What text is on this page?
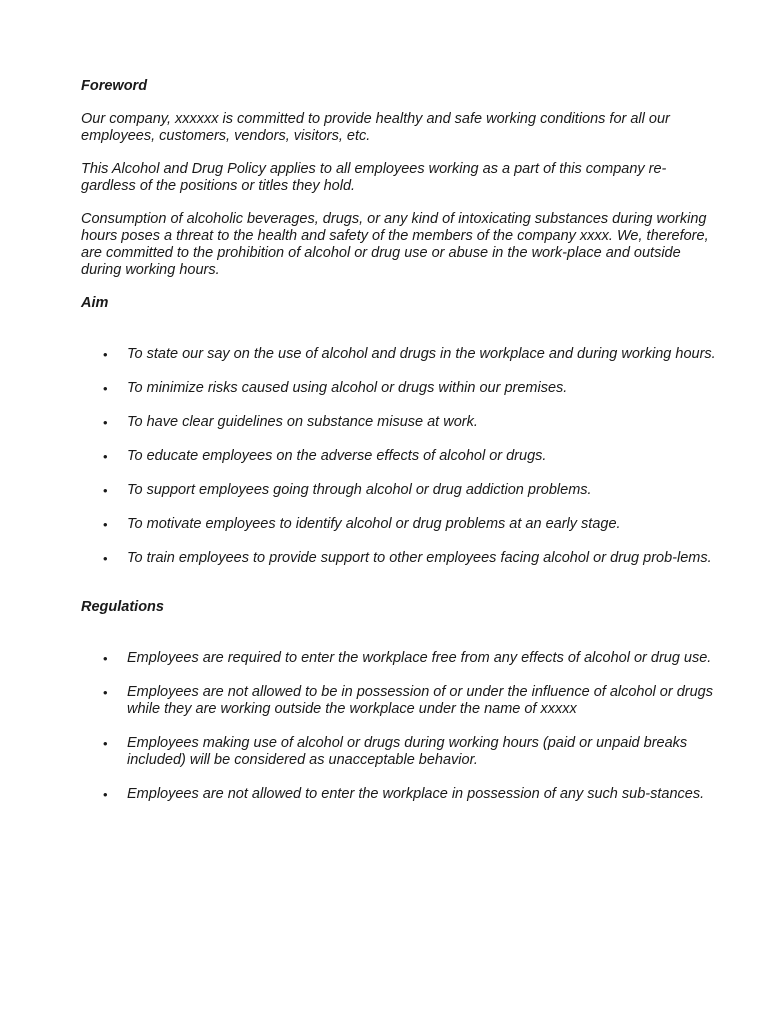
Foreword

Our company, xxxxxx is committed to provide healthy and safe working conditions for all our employees, customers, vendors, visitors, etc.

This Alcohol and Drug Policy applies to all employees working as a part of this company re-gardless of the positions or titles they hold.

Consumption of alcoholic beverages, drugs, or any kind of intoxicating substances during working hours poses a threat to the health and safety of the members of the company xxxx. We, therefore, are committed to the prohibition of alcohol or drug use or abuse in the work-place and outside during working hours.

Aim

• To state our say on the use of alcohol and drugs in the workplace and during working hours.
• To minimize risks caused using alcohol or drugs within our premises.
• To have clear guidelines on substance misuse at work.
• To educate employees on the adverse effects of alcohol or drugs.
• To support employees going through alcohol or drug addiction problems.
• To motivate employees to identify alcohol or drug problems at an early stage.
• To train employees to provide support to other employees facing alcohol or drug prob-lems.

Regulations

• Employees are required to enter the workplace free from any effects of alcohol or drug use.
• Employees are not allowed to be in possession of or under the influence of alcohol or drugs while they are working outside the workplace under the name of xxxxx
• Employees making use of alcohol or drugs during working hours (paid or unpaid breaks included) will be considered as unacceptable behavior.
• Employees are not allowed to enter the workplace in possession of any such sub-stances.
